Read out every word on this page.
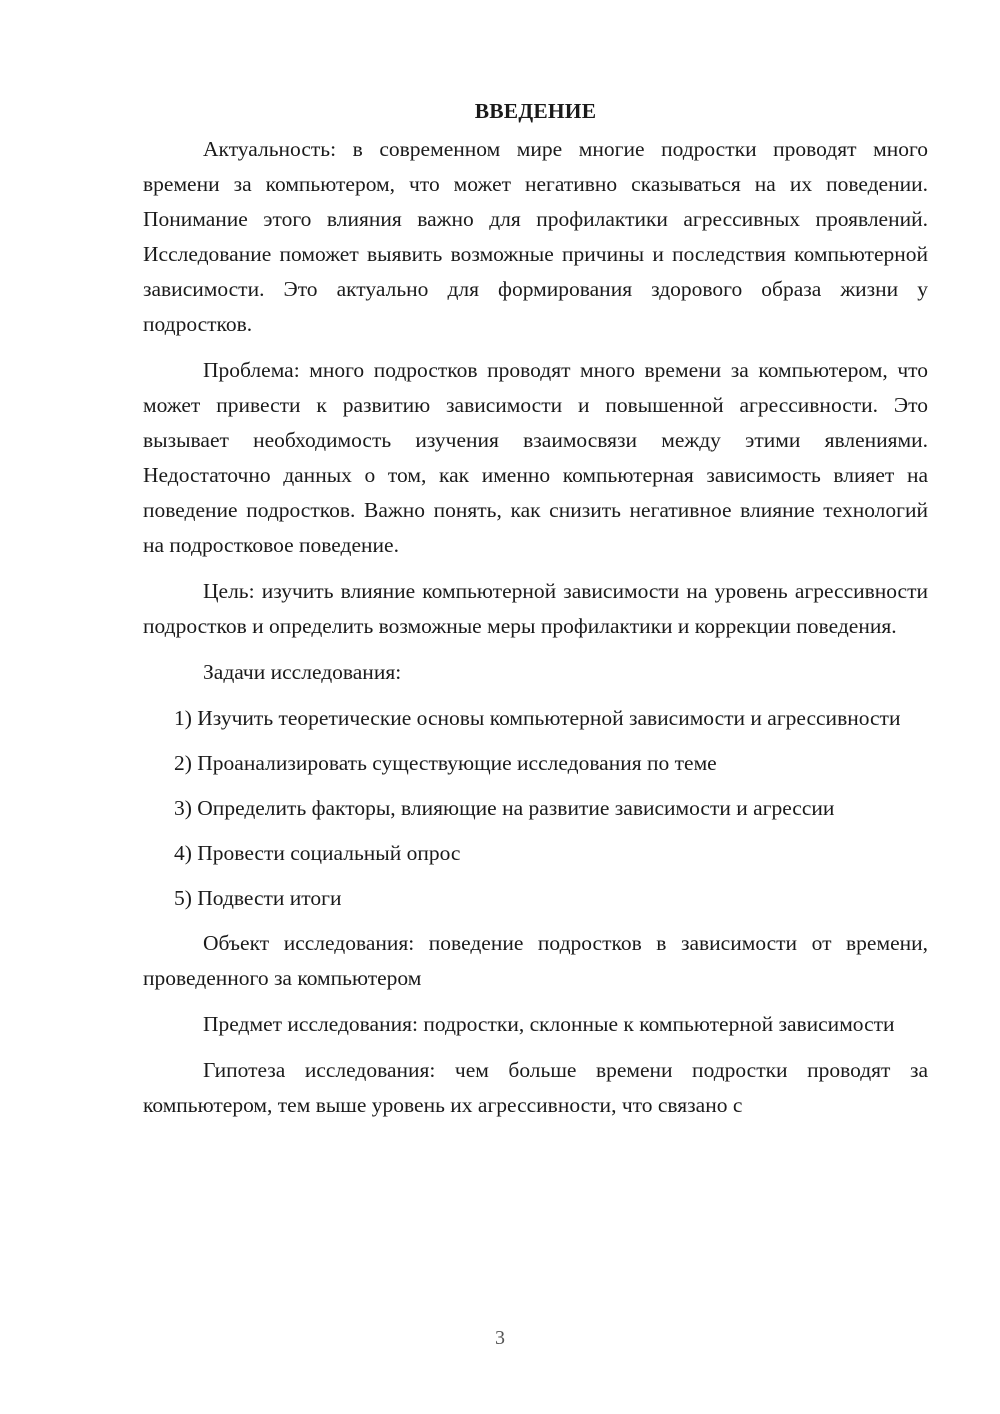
ВВЕДЕНИЕ

Актуальность: в современном мире многие подростки проводят много времени за компьютером, что может негативно сказываться на их поведении. Понимание этого влияния важно для профилактики агрессивных проявлений. Исследование поможет выявить возможные причины и последствия компьютерной зависимости. Это актуально для формирования здорового образа жизни у подростков.

Проблема: много подростков проводят много времени за компьютером, что может привести к развитию зависимости и повышенной агрессивности. Это вызывает необходимость изучения взаимосвязи между этими явлениями. Недостаточно данных о том, как именно компьютерная зависимость влияет на поведение подростков. Важно понять, как снизить негативное влияние технологий на подростковое поведение.

Цель: изучить влияние компьютерной зависимости на уровень агрессивности подростков и определить возможные меры профилактики и коррекции поведения.

Задачи исследования:

1) Изучить теоретические основы компьютерной зависимости и агрессивности

2) Проанализировать существующие исследования по теме

3) Определить факторы, влияющие на развитие зависимости и агрессии

4) Провести социальный опрос

5) Подвести итоги

Объект исследования: поведение подростков в зависимости от времени, проведенного за компьютером

Предмет исследования: подростки, склонные к компьютерной зависимости

Гипотеза исследования: чем больше времени подростки проводят за компьютером, тем выше уровень их агрессивности, что связано с

3
